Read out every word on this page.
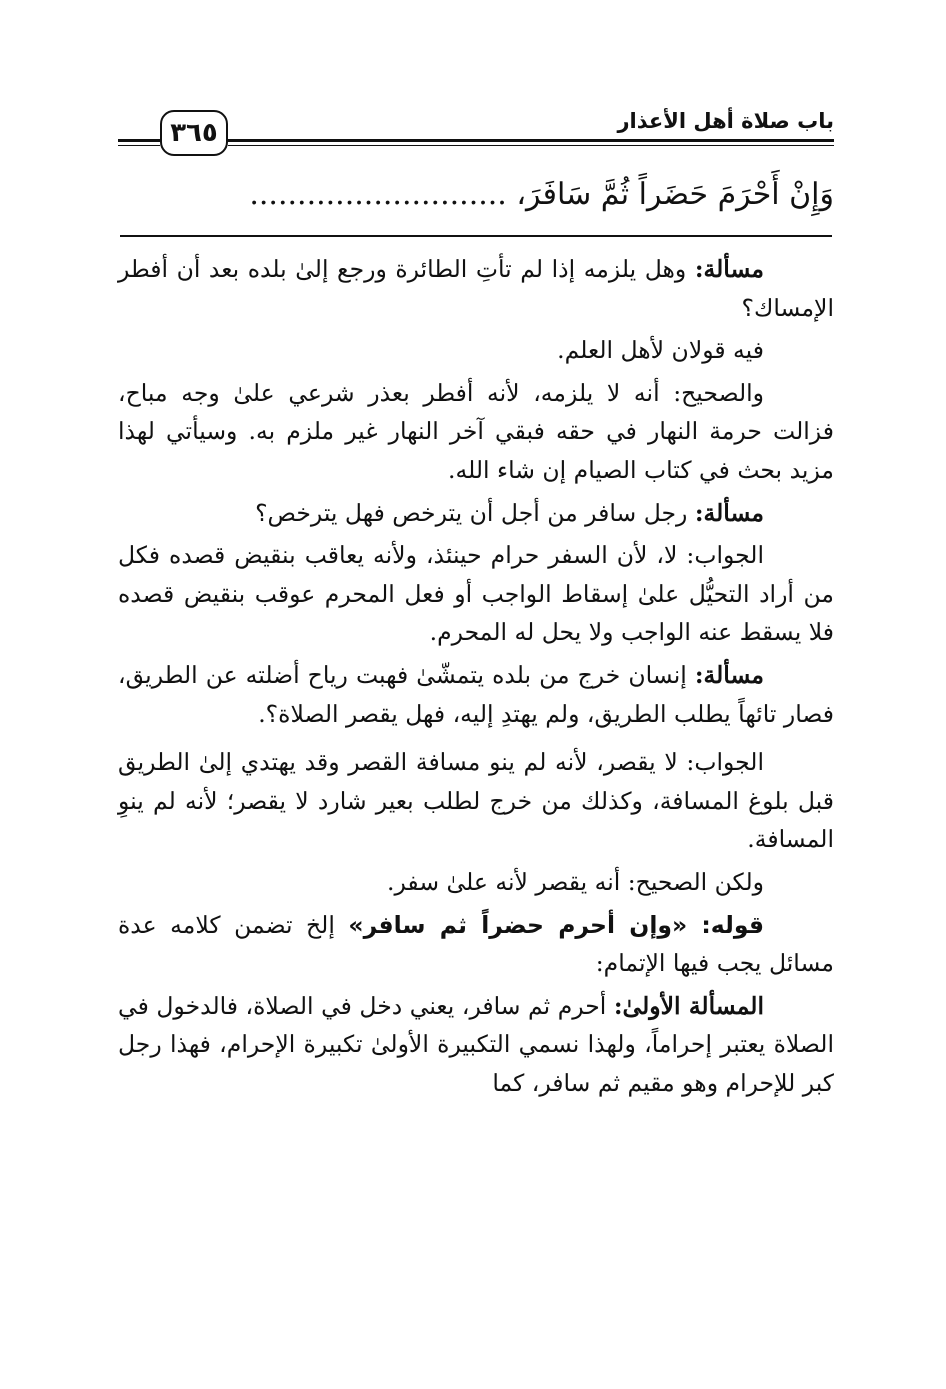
٣٦٥	باب صلاة أهل الأعذار
وَإِنْ أَحْرَمَ حَضَراً ثُمَّ سَافَرَ، ...........................

مسألة: وهل يلزمه إذا لم تأتِ الطائرة ورجع إلىٰ بلده بعد أن أفطر الإمساك؟

فيه قولان لأهل العلم.

والصحيح: أنه لا يلزمه، لأنه أفطر بعذر شرعي علىٰ وجه مباح، فزالت حرمة النهار في حقه فبقي آخر النهار غير ملزم به. وسيأتي لهذا مزيد بحث في كتاب الصيام إن شاء الله.

مسألة: رجل سافر من أجل أن يترخص فهل يترخص؟

الجواب: لا، لأن السفر حرام حينئذ، ولأنه يعاقب بنقيض قصده فكل من أراد التحيُّل علىٰ إسقاط الواجب أو فعل المحرم عوقب بنقيض قصده فلا يسقط عنه الواجب ولا يحل له المحرم.

مسألة: إنسان خرج من بلده يتمشّىٰ فهبت رياح أضلته عن الطريق، فصار تائهاً يطلب الطريق، ولم يهتدِ إليه، فهل يقصر الصلاة؟.

الجواب: لا يقصر، لأنه لم ينو مسافة القصر وقد يهتدي إلىٰ الطريق قبل بلوغ المسافة، وكذلك من خرج لطلب بعير شارد لا يقصر؛ لأنه لم ينوِ المسافة.

ولكن الصحيح: أنه يقصر لأنه علىٰ سفر.

قوله: «وإن أحرم حضراً ثم سافر» إلخ تضمن كلامه عدة مسائل يجب فيها الإتمام:

المسألة الأولىٰ: أحرم ثم سافر، يعني دخل في الصلاة، فالدخول في الصلاة يعتبر إحراماً، ولهذا نسمي التكبيرة الأولىٰ تكبيرة الإحرام، فهذا رجل كبر للإحرام وهو مقيم ثم سافر، كما
